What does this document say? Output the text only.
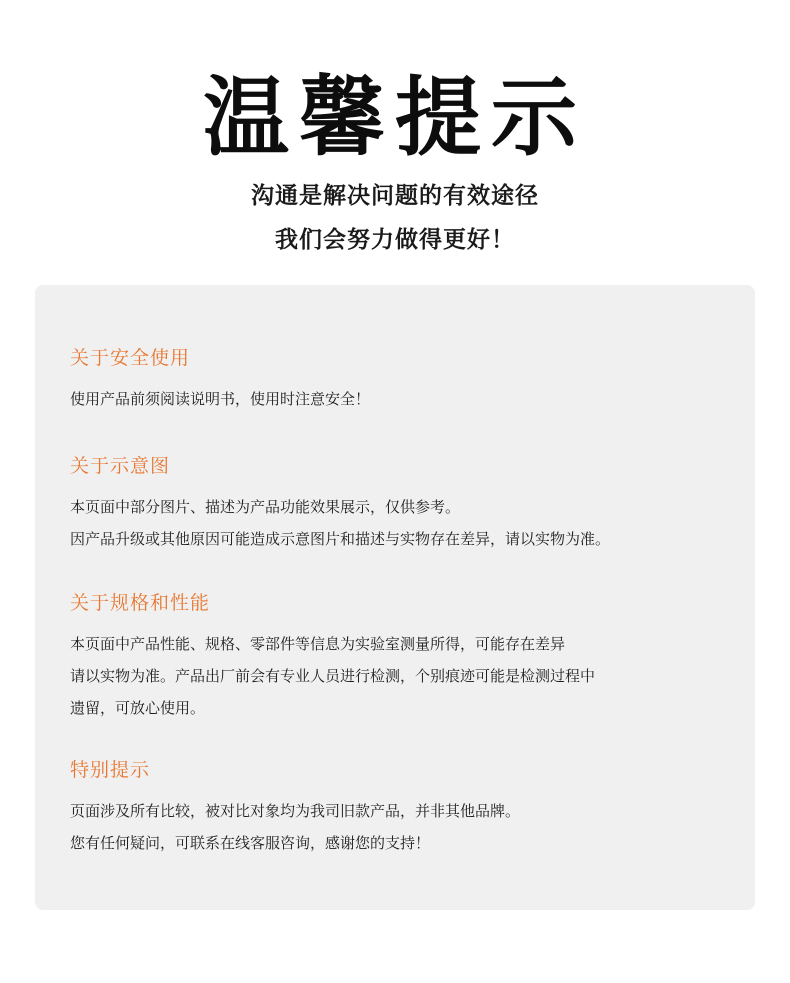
温馨提示
沟通是解决问题的有效途径
我们会努力做得更好！
关于安全使用
使用产品前须阅读说明书，使用时注意安全！
关于示意图
本页面中部分图片、描述为产品功能效果展示，仅供参考。
因产品升级或其他原因可能造成示意图片和描述与实物存在差异，请以实物为准。
关于规格和性能
本页面中产品性能、规格、零部件等信息为实验室测量所得，可能存在差异
请以实物为准。产品出厂前会有专业人员进行检测，个别痕迹可能是检测过程中
遗留，可放心使用。
特别提示
页面涉及所有比较，被对比对象均为我司旧款产品，并非其他品牌。
您有任何疑问，可联系在线客服咨询，感谢您的支持！
